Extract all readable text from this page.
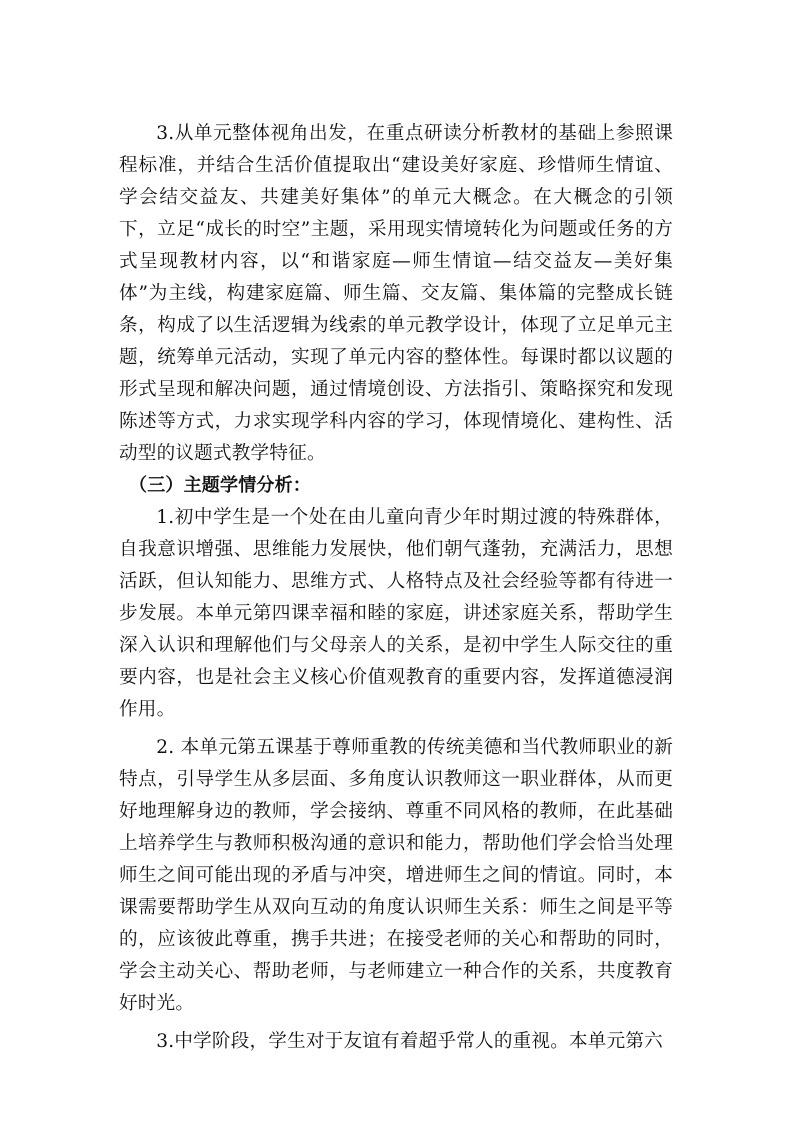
3.从单元整体视角出发，在重点研读分析教材的基础上参照课程标准，并结合生活价值提取出“建设美好家庭、珍惜师生情谊、学会结交益友、共建美好集体”的单元大概念。在大概念的引领下，立足“成长的时空”主题，采用现实情境转化为问题或任务的方式呈现教材内容，以“和谐家庭—师生情谊—结交益友—美好集体”为主线，构建家庭篇、师生篇、交友篇、集体篇的完整成长链条，构成了以生活逻辑为线索的单元教学设计，体现了立足单元主题，统筹单元活动，实现了单元内容的整体性。每课时都以议题的形式呈现和解决问题，通过情境创设、方法指引、策略探究和发现陈述等方式，力求实现学科内容的学习，体现情境化、建构性、活动型的议题式教学特征。

（三）主题学情分析：

1.初中学生是一个处在由儿童向青少年时期过渡的特殊群体，自我意识增强、思维能力发展快，他们朝气蓬勃，充满活力，思想活跃，但认知能力、思维方式、人格特点及社会经验等都有待进一步发展。本单元第四课幸福和睦的家庭，讲述家庭关系，帮助学生深入认识和理解他们与父母亲人的关系，是初中学生人际交往的重要内容，也是社会主义核心价值观教育的重要内容，发挥道德浸润作用。

2. 本单元第五课基于尊师重教的传统美德和当代教师职业的新特点，引导学生从多层面、多角度认识教师这一职业群体，从而更好地理解身边的教师，学会接纳、尊重不同风格的教师，在此基础上培养学生与教师积极沟通的意识和能力，帮助他们学会恰当处理师生之间可能出现的矛盾与冲突，增进师生之间的情谊。同时，本课需要帮助学生从双向互动的角度认识师生关系：师生之间是平等的，应该彼此尊重，携手共进；在接受老师的关心和帮助的同时，学会主动关心、帮助老师，与老师建立一种合作的关系，共度教育好时光。

3.中学阶段，学生对于友谊有着超乎常人的重视。本单元第六
